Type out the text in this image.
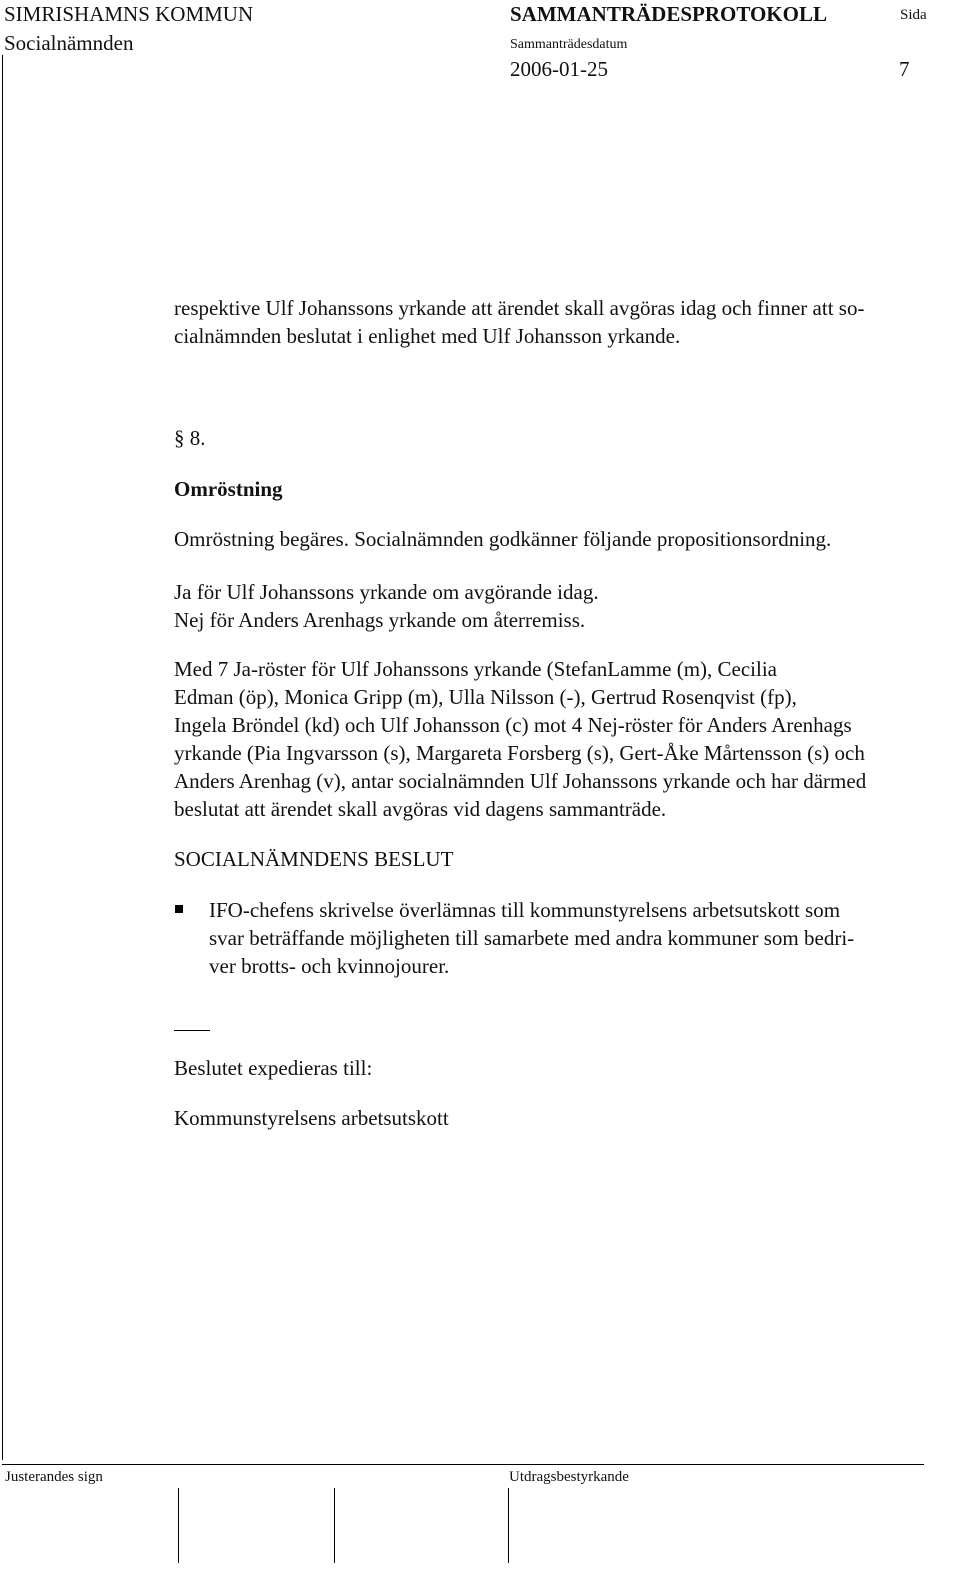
SIMRISHAMNS KOMMUN
Socialnämnden
SAMMANTRÄDESPROTOKOLL	Sida
Sammanträdesdatum
2006-01-25	7
respektive Ulf Johanssons yrkande att ärendet skall avgöras idag och finner att so-
cialnämnden beslutat i enlighet med Ulf Johansson yrkande.
§ 8.
Omröstning
Omröstning begäres. Socialnämnden godkänner följande propositionsordning.
Ja för Ulf Johanssons yrkande om avgörande idag.
Nej för Anders Arenhags yrkande om återremiss.
Med 7 Ja-röster för Ulf Johanssons yrkande (StefanLamme (m), Cecilia
Edman (öp), Monica Gripp (m), Ulla Nilsson (-), Gertrud Rosenqvist (fp),
Ingela Bröndel (kd) och Ulf Johansson (c) mot 4 Nej-röster för Anders Arenhags
yrkande (Pia Ingvarsson (s), Margareta Forsberg (s), Gert-Åke Mårtensson (s) och
Anders Arenhag (v), antar socialnämnden Ulf Johanssons yrkande och har därmed
beslutat att ärendet skall avgöras vid dagens sammanträde.
SOCIALNÄMNDENS BESLUT
IFO-chefens skrivelse överlämnas till kommunstyrelsens arbetsutskott som
svar beträffande möjligheten till samarbete med andra kommuner som bedri-
ver brotts- och kvinnojourer.
Beslutet expedieras till:
Kommunstyrelsens arbetsutskott
Justerandes sign	Utdragsbestyrkande
